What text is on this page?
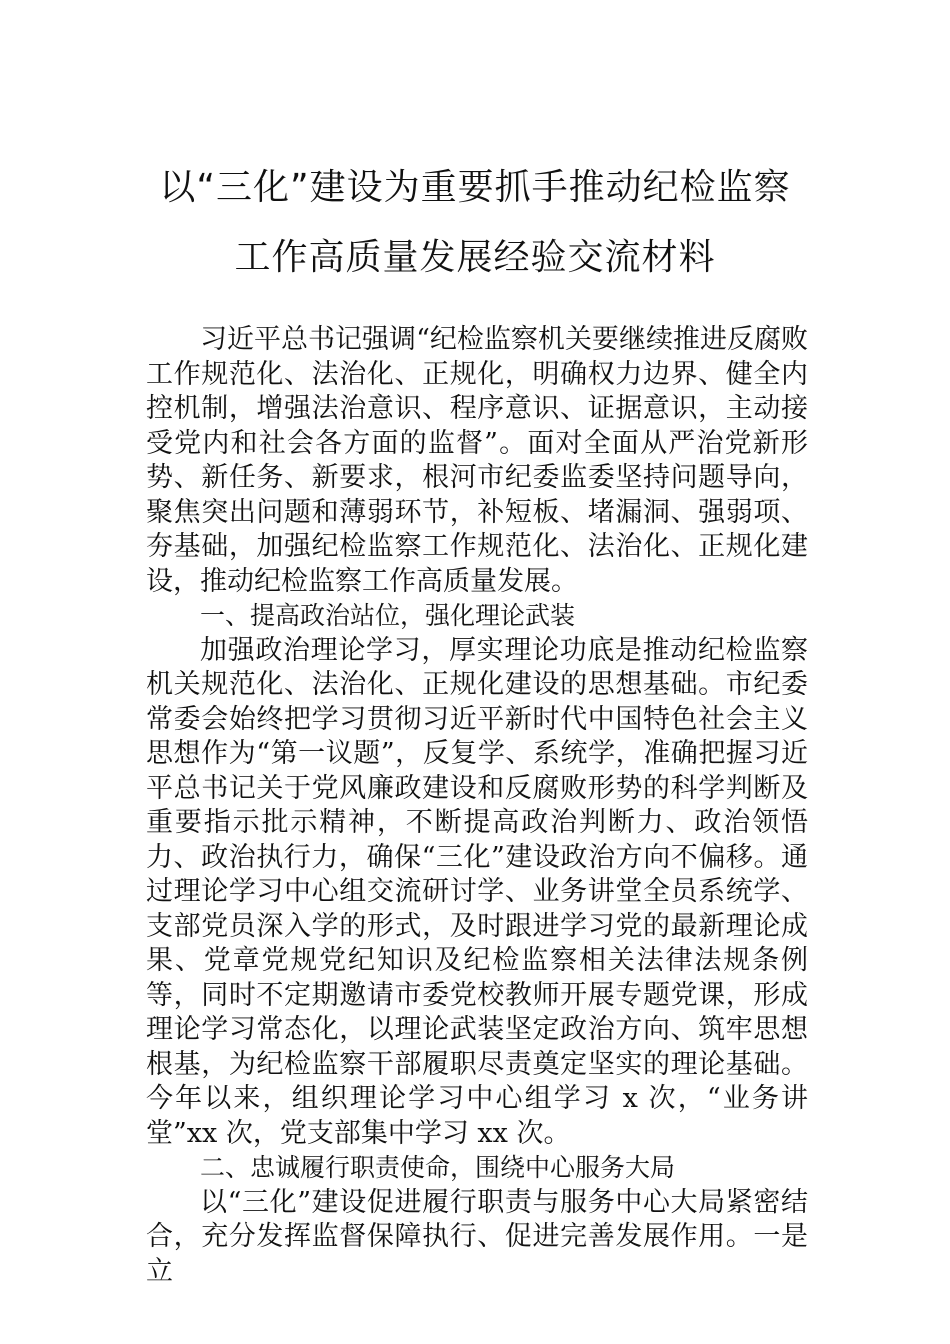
以“三化”建设为重要抓手推动纪检监察
工作高质量发展经验交流材料

习近平总书记强调“纪检监察机关要继续推进反腐败工作规范化、法治化、正规化，明确权力边界、健全内控机制，增强法治意识、程序意识、证据意识，主动接受党内和社会各方面的监督”。面对全面从严治党新形势、新任务、新要求，根河市纪委监委坚持问题导向，聚焦突出问题和薄弱环节，补短板、堵漏洞、强弱项、夯基础，加强纪检监察工作规范化、法治化、正规化建设，推动纪检监察工作高质量发展。

一、提高政治站位，强化理论武装

加强政治理论学习，厚实理论功底是推动纪检监察机关规范化、法治化、正规化建设的思想基础。市纪委常委会始终把学习贯彻习近平新时代中国特色社会主义思想作为“第一议题”，反复学、系统学，准确把握习近平总书记关于党风廉政建设和反腐败形势的科学判断及重要指示批示精神，不断提高政治判断力、政治领悟力、政治执行力，确保“三化”建设政治方向不偏移。通过理论学习中心组交流研讨学、业务讲堂全员系统学、支部党员深入学的形式，及时跟进学习党的最新理论成果、党章党规党纪知识及纪检监察相关法律法规条例等，同时不定期邀请市委党校教师开展专题党课，形成理论学习常态化，以理论武装坚定政治方向、筑牢思想根基，为纪检监察干部履职尽责奠定坚实的理论基础。今年以来，组织理论学习中心组学习 x 次，“业务讲堂”xx 次，党支部集中学习 xx 次。

二、忠诚履行职责使命，围绕中心服务大局

以“三化”建设促进履行职责与服务中心大局紧密结合，充分发挥监督保障执行、促进完善发展作用。一是立
